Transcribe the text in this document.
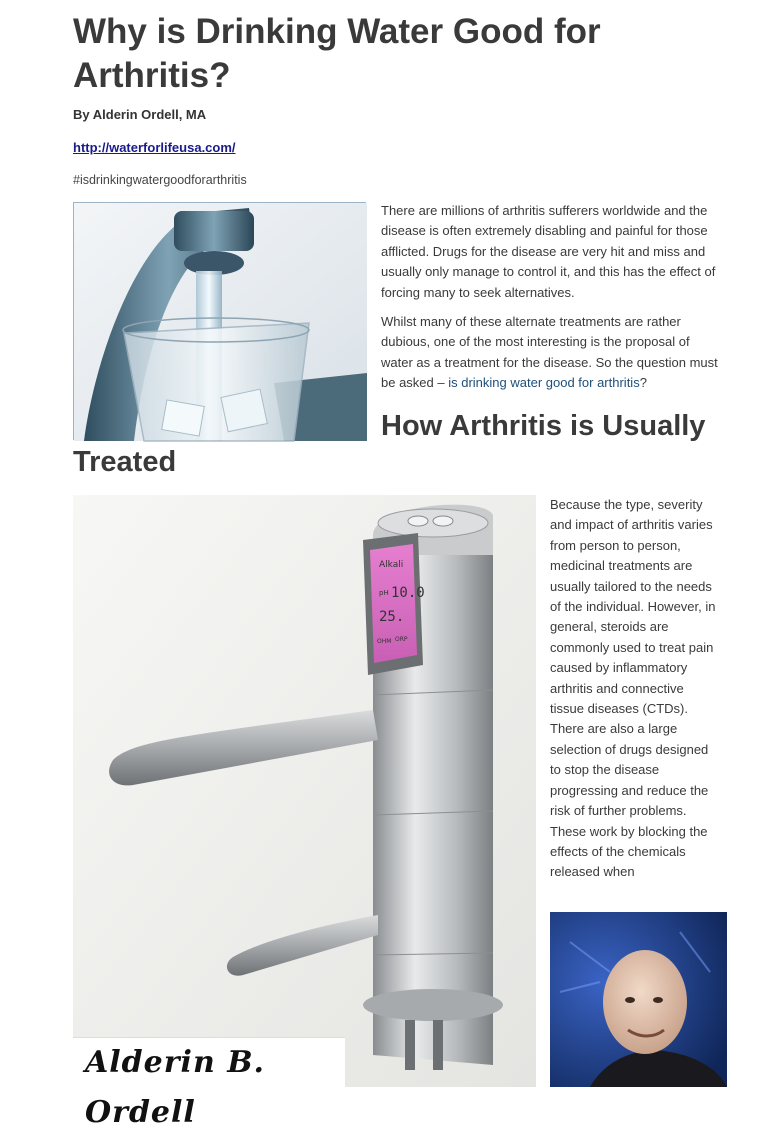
Why is Drinking Water Good for Arthritis?
By Alderin Ordell, MA
http://waterforlifeusa.com/
#isdrinkingwatergoodforarthritis

There are millions of arthritis sufferers worldwide and the disease is often extremely disabling and painful for those afflicted. Drugs for the disease are very hit and miss and usually only manage to control it, and this has the effect of forcing many to seek alternatives.

Whilst many of these alternate treatments are rather dubious, one of the most interesting is the proposal of water as a treatment for the disease. So the question must be asked – is drinking water good for arthritis?

How Arthritis is Usually
Treated
Alkali
pH 10.0
25.
OHM ORP
Alderin B. Ordell
Because the type, severity and impact of arthritis varies from person to person, medicinal treatments are usually tailored to the needs of the individual. However, in general, steroids are commonly used to treat pain caused by inflammatory arthritis and connective tissue diseases (CTDs). There are also a large selection of drugs designed to stop the disease progressing and reduce the risk of further problems. These work by blocking the effects of the chemicals released when
